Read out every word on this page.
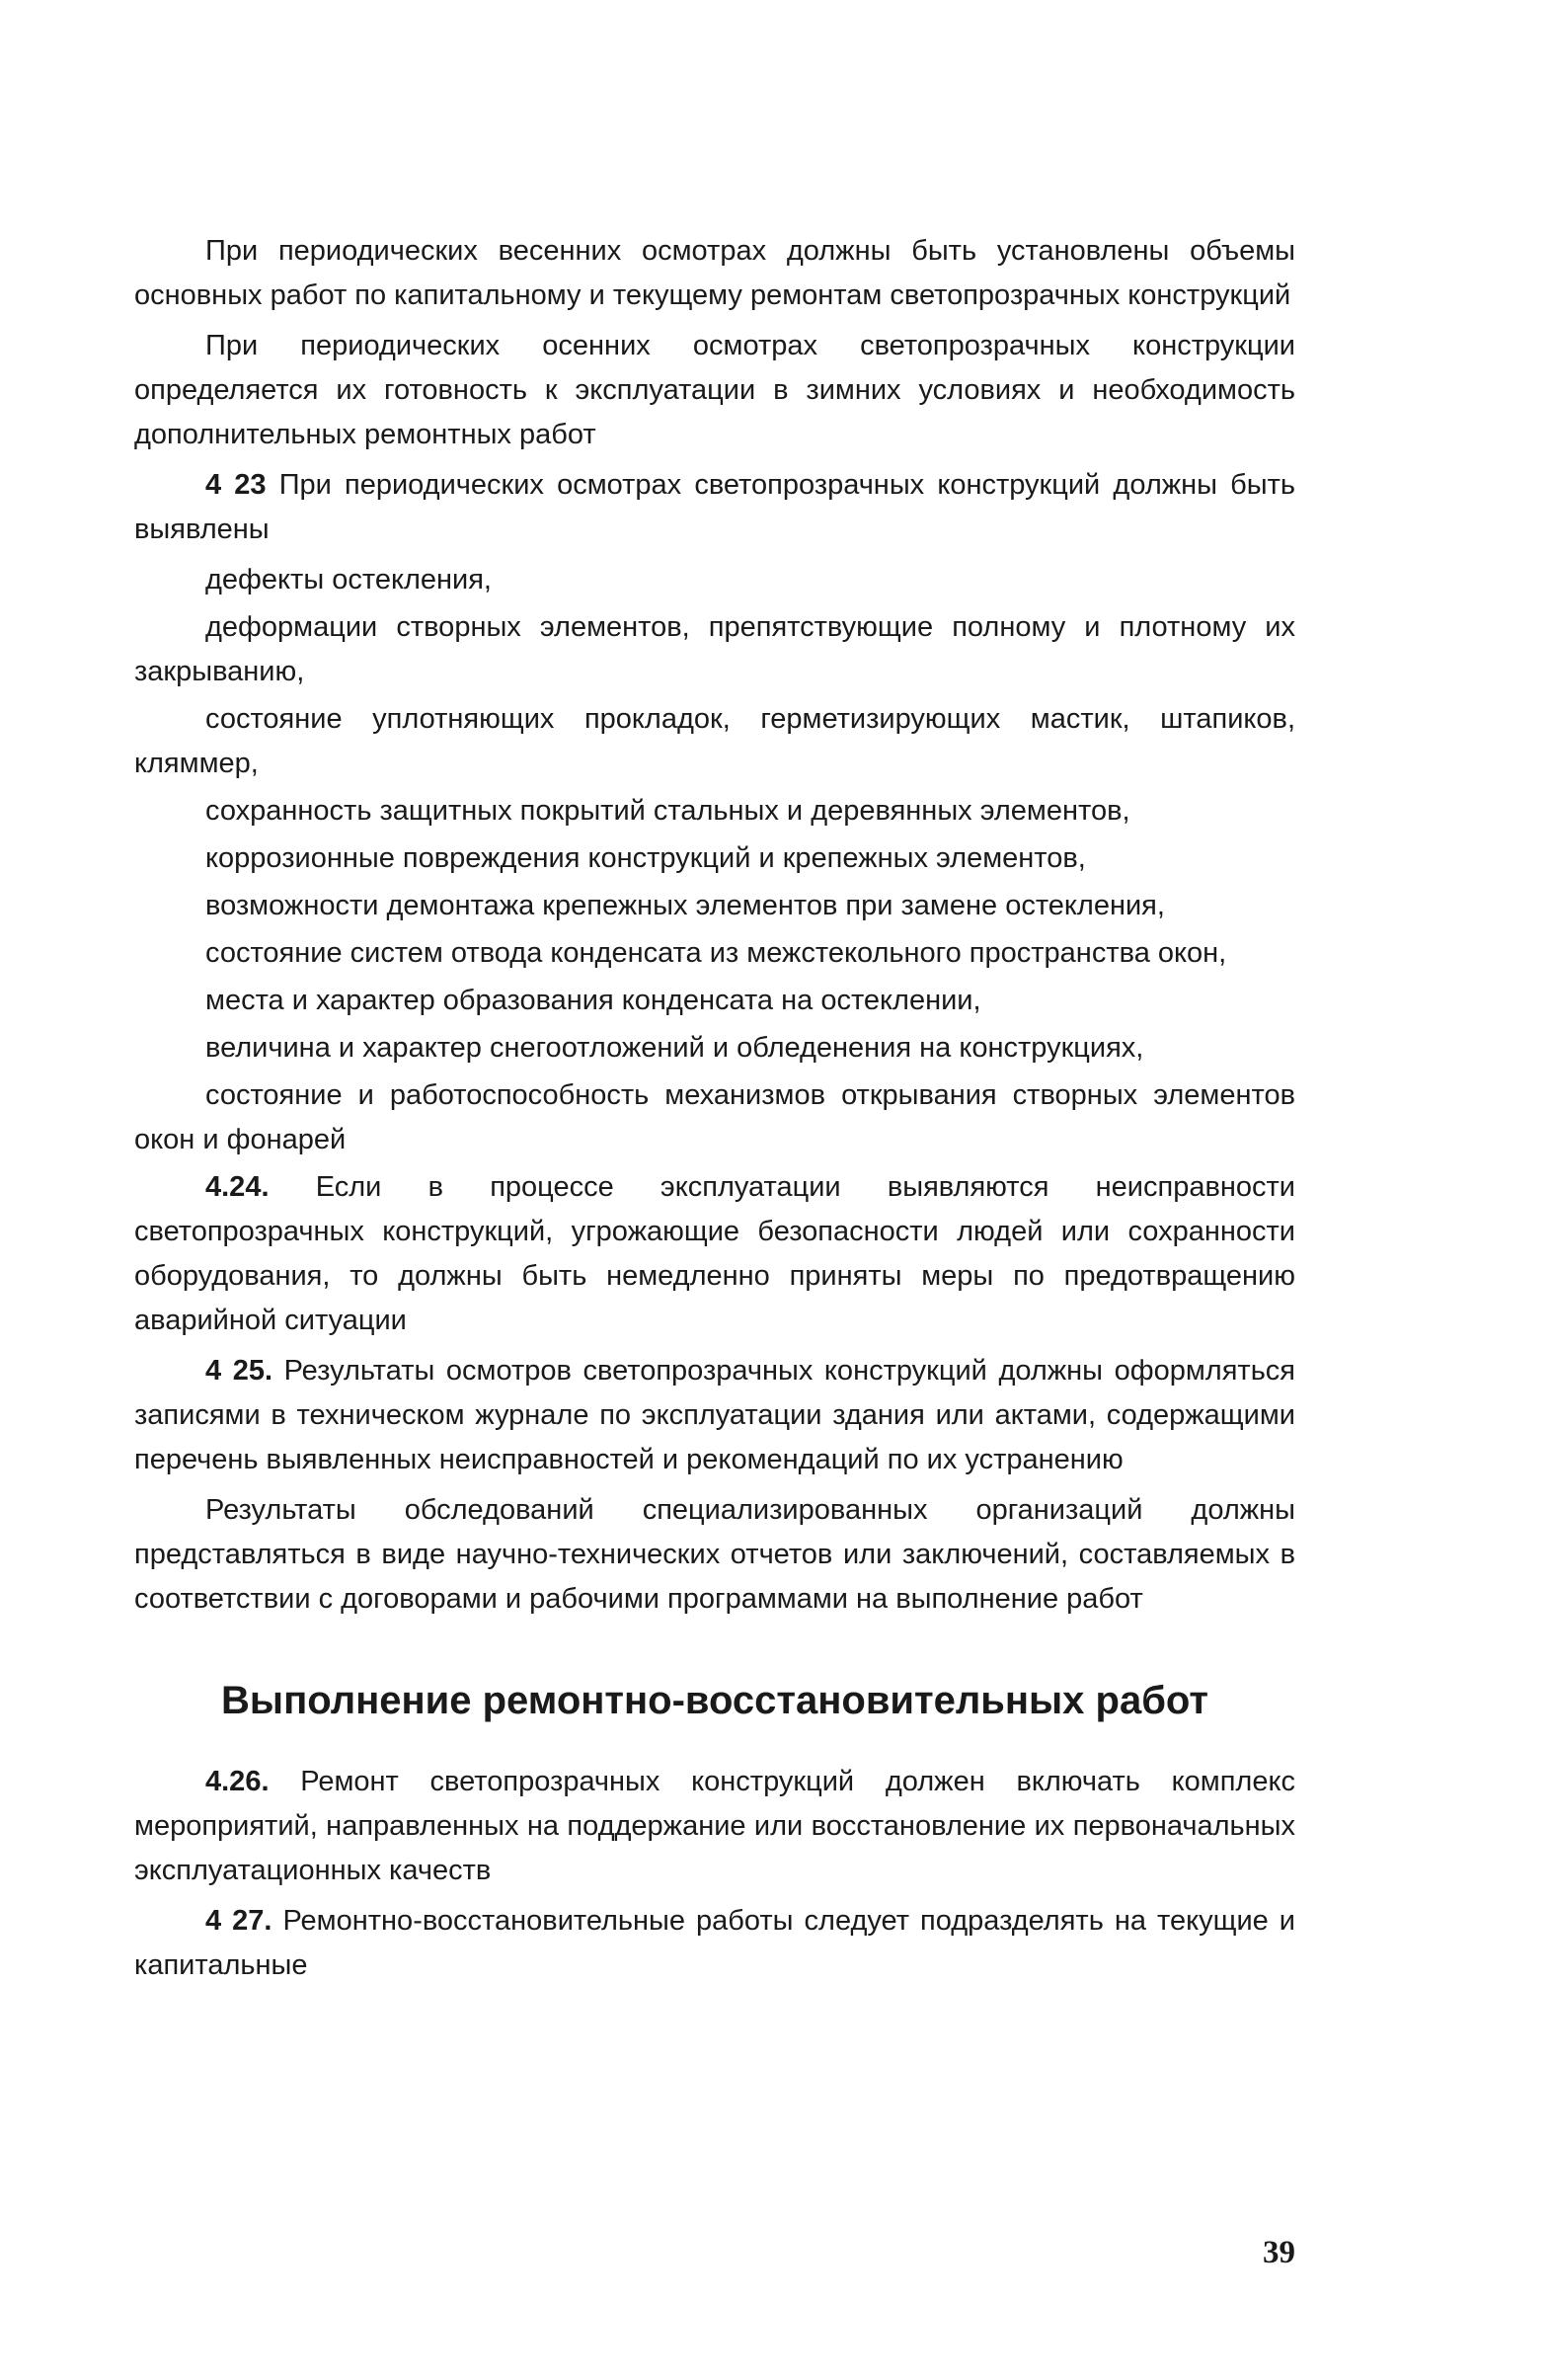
При периодических весенних осмотрах должны быть установлены объемы основных работ по капитальному и текущему ремонтам светопрозрачных конструкций

При периодических осенних осмотрах светопрозрачных конструкции определяется их готовность к эксплуатации в зимних условиях и необходимость дополнительных ремонтных работ

4 23 При периодических осмотрах светопрозрачных конструкций должны быть выявлены

дефекты остекления,

деформации створных элементов, препятствующие полному и плотному их закрыванию,

состояние уплотняющих прокладок, герметизирующих мастик, штапиков, кляммер,

сохранность защитных покрытий стальных и деревянных элементов,

коррозионные повреждения конструкций и крепежных элементов,

возможности демонтажа крепежных элементов при замене остекления,

состояние систем отвода конденсата из межстекольного пространства окон,

места и характер образования конденсата на остеклении,

величина и характер снегоотложений и обледенения на конструкциях,

состояние и работоспособность механизмов открывания створных элементов окон и фонарей

4.24. Если в процессе эксплуатации выявляются неисправности светопрозрачных конструкций, угрожающие безопасности людей или сохранности оборудования, то должны быть немедленно приняты меры по предотвращению аварийной ситуации

4 25. Результаты осмотров светопрозрачных конструкций должны оформляться записями в техническом журнале по эксплуатации здания или актами, содержащими перечень выявленных неисправностей и рекомендаций по их устранению

Результаты обследований специализированных организаций должны представляться в виде научно-технических отчетов или заключений, составляемых в соответствии с договорами и рабочими программами на выполнение работ

Выполнение ремонтно-восстановительных работ

4.26. Ремонт светопрозрачных конструкций должен включать комплекс мероприятий, направленных на поддержание или восстановление их первоначальных эксплуатационных качеств

4 27. Ремонтно-восстановительные работы следует подразделять на текущие и капитальные

39
